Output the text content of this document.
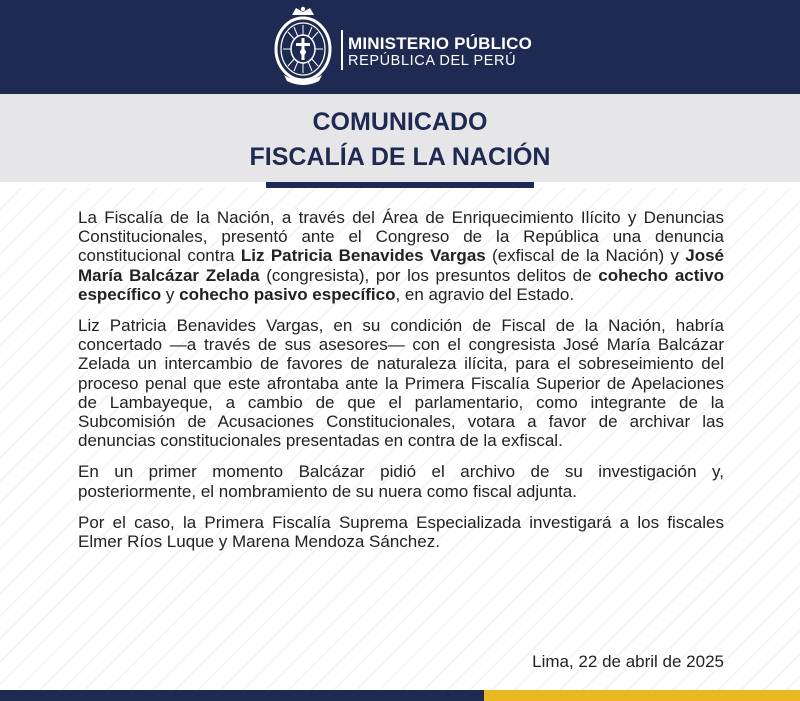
MINISTERIO PÚBLICO
REPÚBLICA DEL PERÚ
COMUNICADO
FISCALÍA DE LA NACIÓN

La Fiscalía de la Nación, a través del Área de Enriquecimiento Ilícito y Denuncias Constitucionales, presentó ante el Congreso de la República una denuncia constitucional contra Liz Patricia Benavides Vargas (exfiscal de la Nación) y José María Balcázar Zelada (congresista), por los presuntos delitos de cohecho activo específico y cohecho pasivo específico, en agravio del Estado.

Liz Patricia Benavides Vargas, en su condición de Fiscal de la Nación, habría concertado —a través de sus asesores— con el congresista José María Balcázar Zelada un intercambio de favores de naturaleza ilícita, para el sobreseimiento del proceso penal que este afrontaba ante la Primera Fiscalía Superior de Apelaciones de Lambayeque, a cambio de que el parlamentario, como integrante de la Subcomisión de Acusaciones Constitucionales, votara a favor de archivar las denuncias constitucionales presentadas en contra de la exfiscal.

En un primer momento Balcázar pidió el archivo de su investigación y, posteriormente, el nombramiento de su nuera como fiscal adjunta.

Por el caso, la Primera Fiscalía Suprema Especializada investigará a los fiscales Elmer Ríos Luque y Marena Mendoza Sánchez.

Lima, 22 de abril de 2025
